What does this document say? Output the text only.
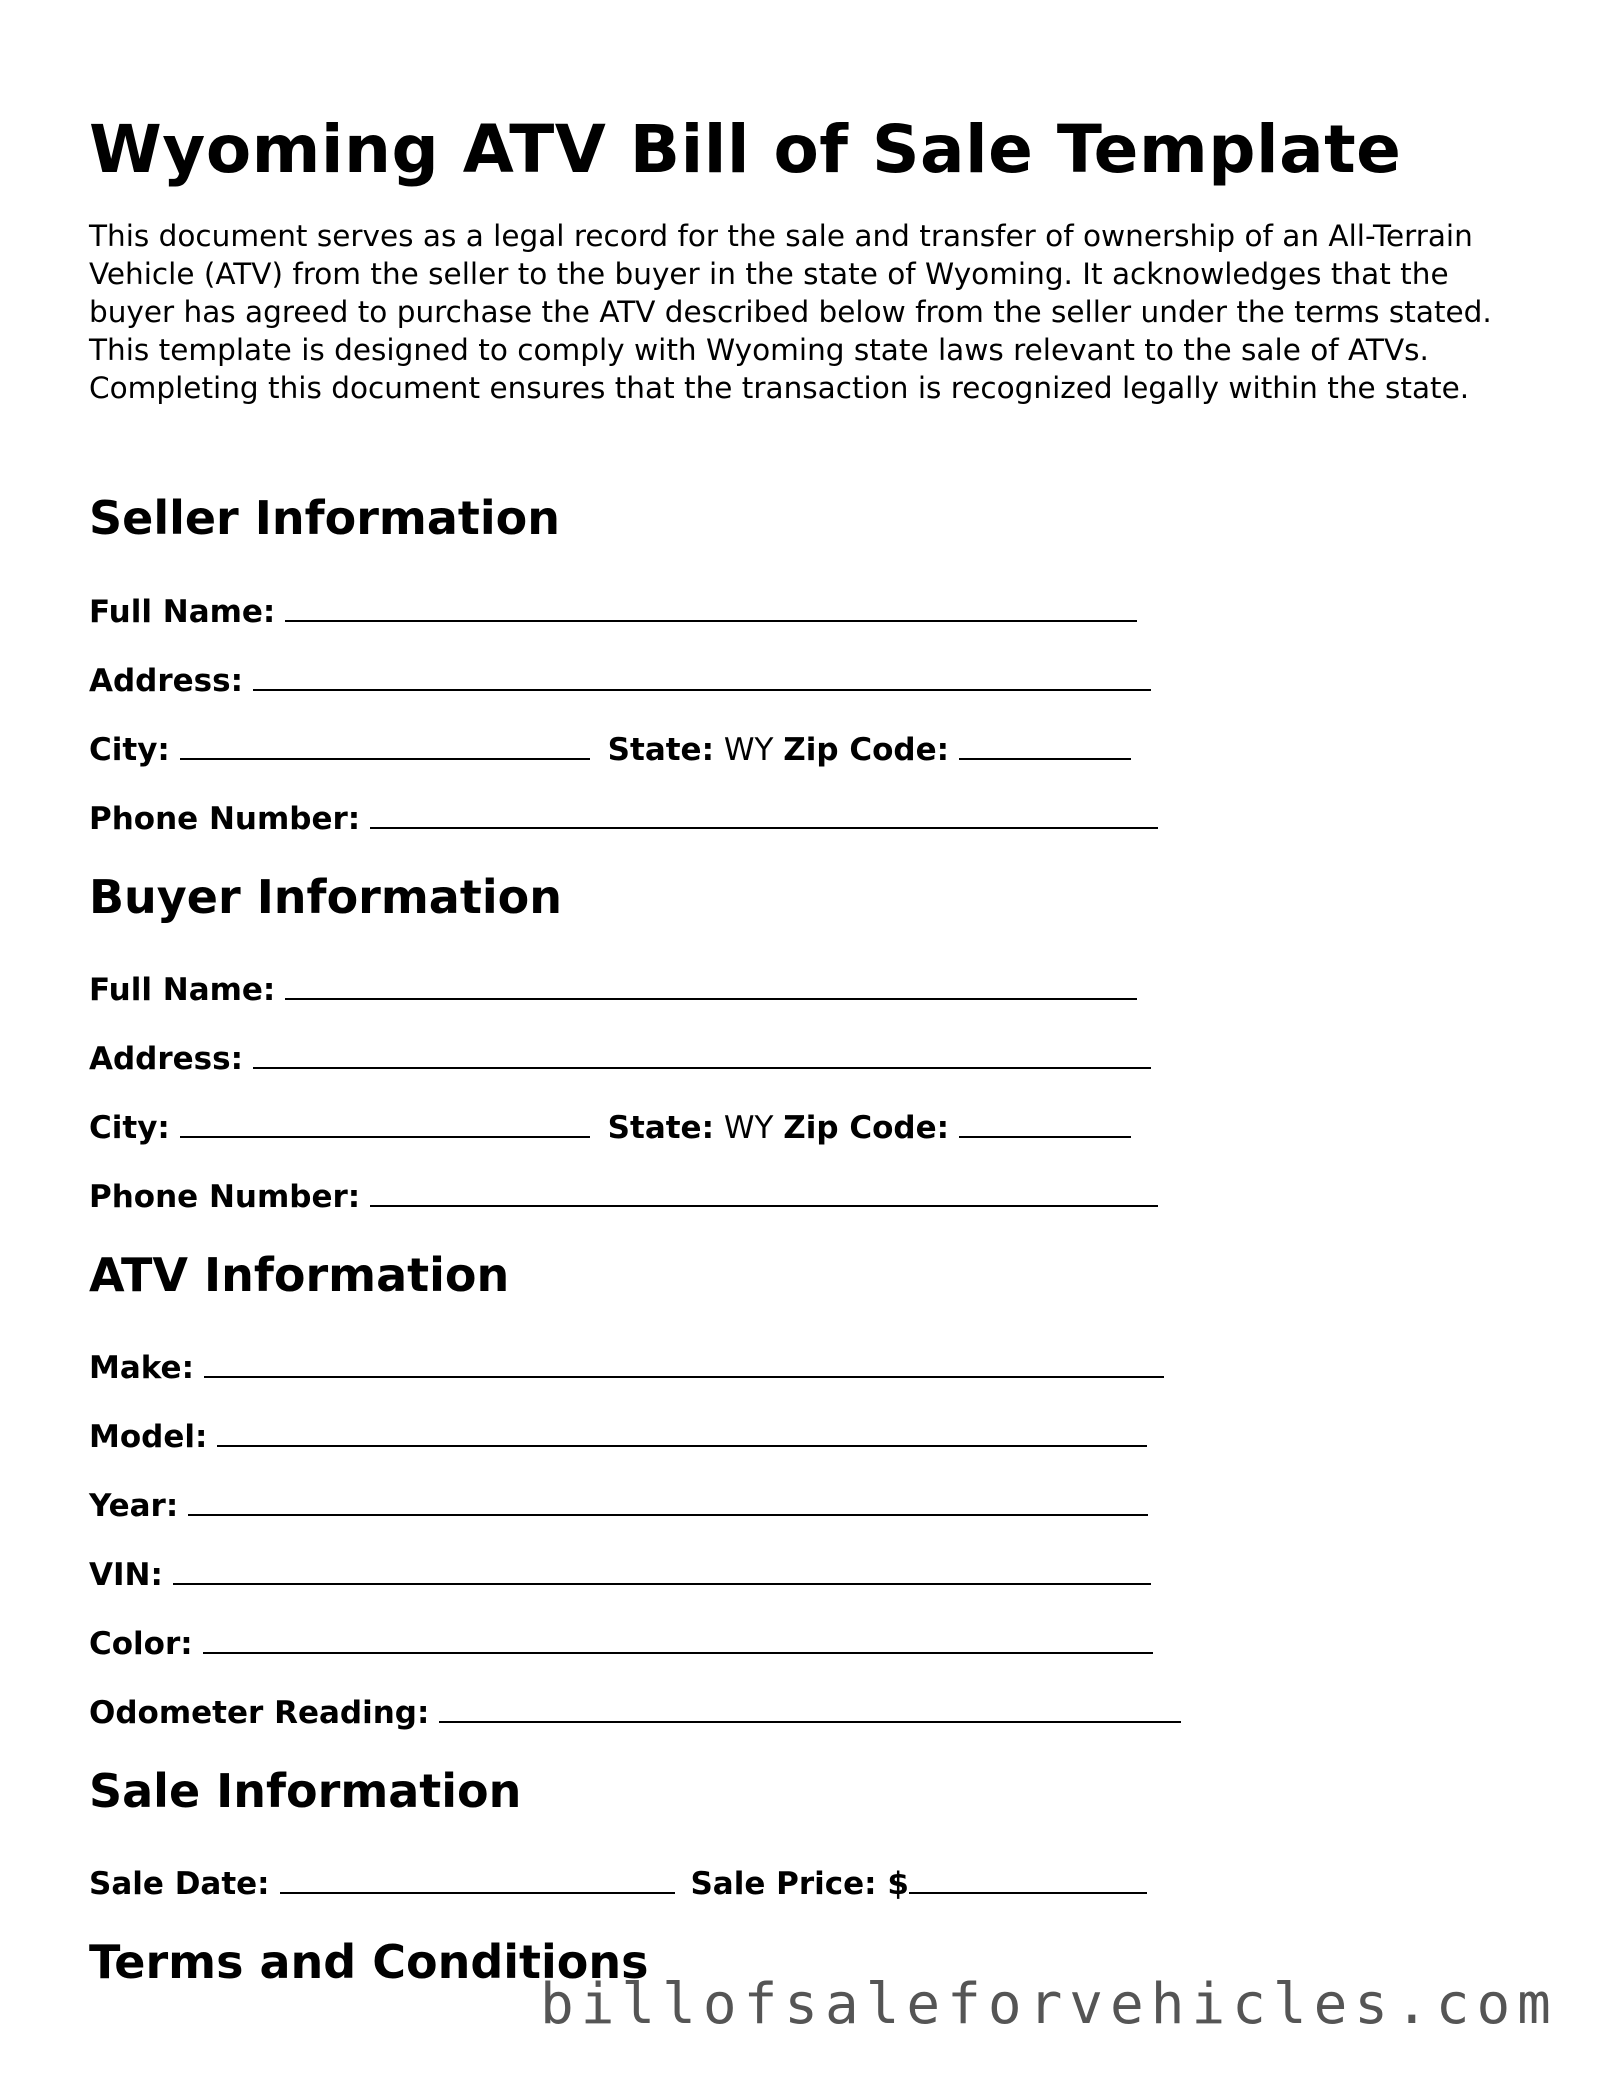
Wyoming ATV Bill of Sale Template

This document serves as a legal record for the sale and transfer of ownership of an All-Terrain Vehicle (ATV) from the seller to the buyer in the state of Wyoming. It acknowledges that the buyer has agreed to purchase the ATV described below from the seller under the terms stated. This template is designed to comply with Wyoming state laws relevant to the sale of ATVs. Completing this document ensures that the transaction is recognized legally within the state.

Seller Information
Full Name:
Address:
City:	State: WY Zip Code:
Phone Number:
Buyer Information
Full Name:
Address:
City:	State: WY Zip Code:
Phone Number:
ATV Information
Make:
Model:
Year:
VIN:
Color:
Odometer Reading:
Sale Information
Sale Date:	Sale Price: $
Terms and Conditions
billofsaleforvehicles.com
